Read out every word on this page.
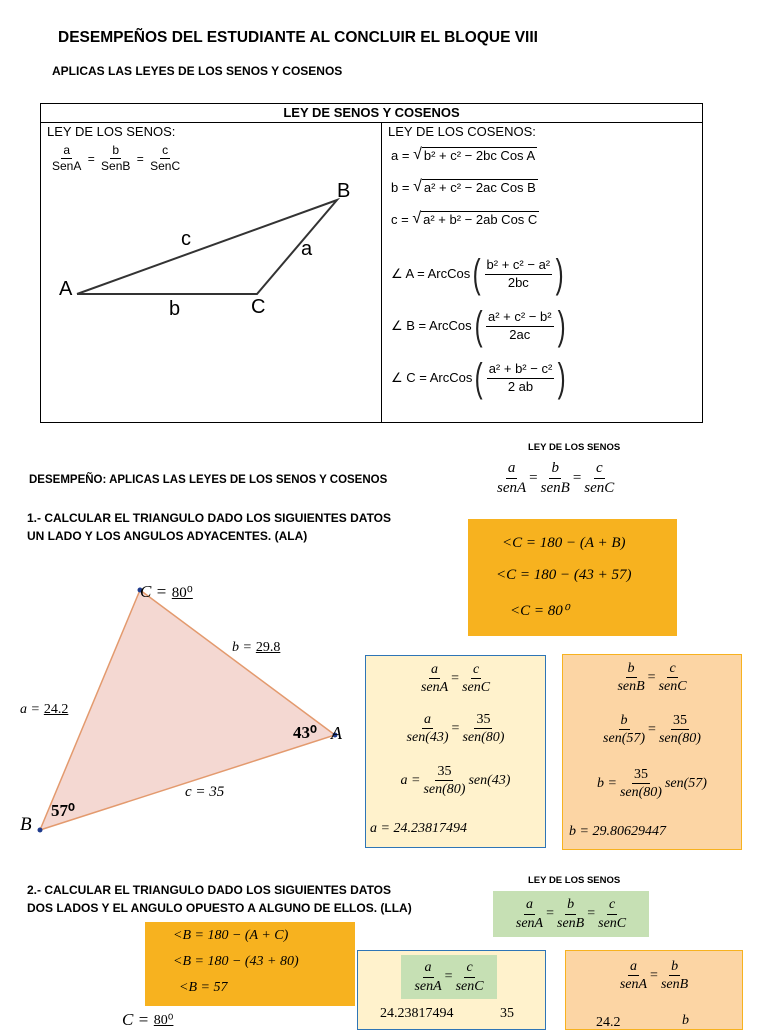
DESEMPEÑOS DEL ESTUDIANTE AL CONCLUIR EL BLOQUE VIII
APLICAS LAS LEYES DE LOS SENOS Y COSENOS
LEY DE SENOS Y COSENOS
LEY DE LOS SENOS:
$\frac{a}{\text{SenA}} = \frac{b}{\text{SenB}} = \frac{c}{\text{SenC}}$
A
B
C
a
b
c
LEY DE LOS COSENOS:
a =
√ b² + c² − 2bc Cos A
b =
√ a² + c² − 2ac Cos B
c =
√ a² + b² − 2ab Cos C
∠ A = ArcCos ( $\frac{\text{b² + c² − a²}}{2bc}$ )
∠ B = ArcCos ( $\frac{\text{a² + c² − b²}}{2ac}$ )
∠ C = ArcCos ( $\frac{\text{a² + b² − c²}}{2 ab}$ )
DESEMPEÑO: APLICAS LAS LEYES DE LOS SENOS Y COSENOS
LEY DE LOS SENOS
$\frac{a}{\text{senA}} = \frac{b}{\text{senB}} = \frac{c}{\text{senC}}$
1.- CALCULAR EL TRIANGULO DADO LOS SIGUIENTES DATOS
UN LADO Y LOS ANGULOS ADYACENTES. (ALA)	<C = 180 − (A + B)
<C = 180 − (43 + 57)
<C = 80⁰
C =
80⁰
b =
29.8
a =
24.2
43⁰ A
57⁰
B
c = 35
$\frac{a}{\text{senA}} = \frac{c}{\text{senC}}$
$\frac{a}{\text{sen(43)}} = \frac{35}{\text{sen(80)}}$
$a = \frac{35}{\text{sen(80)}} sen(43)$
a = 24.23817494
$\frac{b}{\text{senB}} = \frac{c}{\text{senC}}$
$\frac{b}{\text{sen(57)}} = \frac{35}{\text{sen(80)}}$
$b = \frac{35}{\text{sen(80)}} sen(57)$
b = 29.80629447
2.- CALCULAR EL TRIANGULO DADO LOS SIGUIENTES DATOS
DOS LADOS Y EL ANGULO OPUESTO A ALGUNO DE ELLOS. (LLA)
LEY DE LOS SENOS
$\frac{a}{\text{senA}} = \frac{b}{\text{senB}} = \frac{c}{\text{senC}}$
<B = 180 − (A + C)
<B = 180 − (43 + 80)
<B = 57
C =
80⁰
$\frac{a}{\text{senA}} = \frac{c}{\text{senC}}$
24.23817494	35
$\frac{a}{\text{senA}} = \frac{b}{\text{senB}}$
24.2	b
